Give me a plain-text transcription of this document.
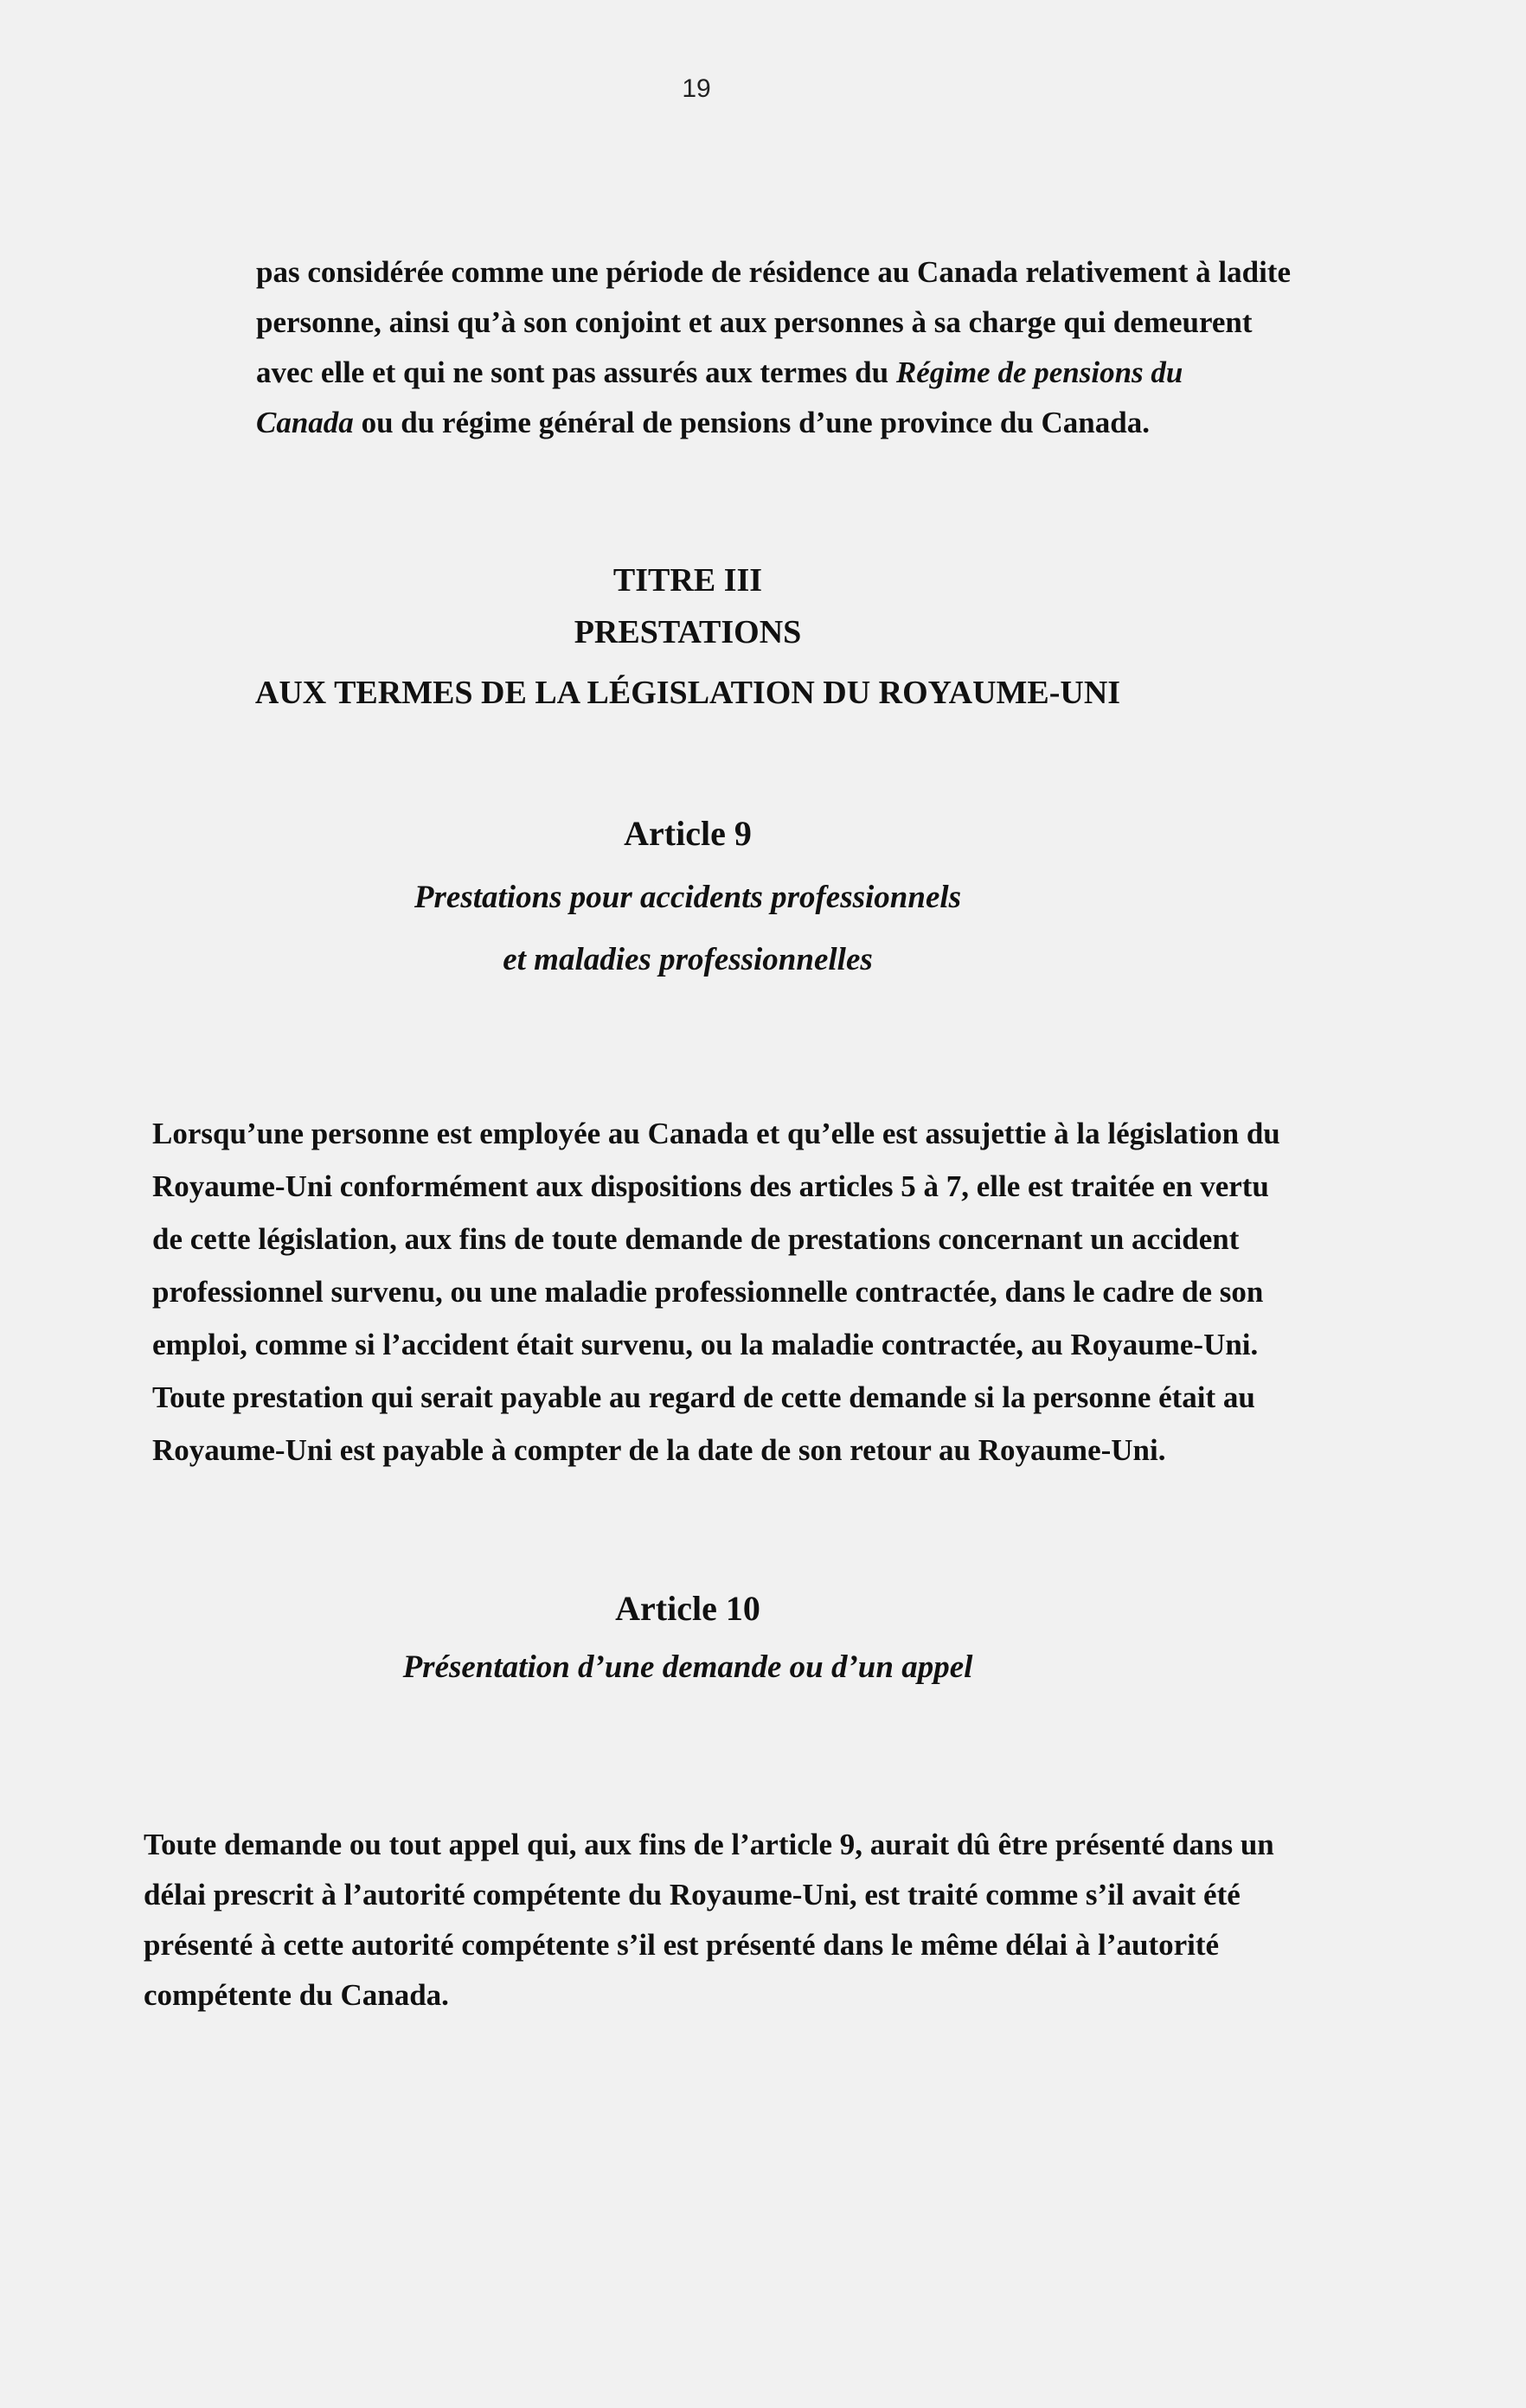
19
pas considérée comme une période de résidence au Canada relativement à ladite
personne, ainsi qu’à son conjoint et aux personnes à sa charge qui demeurent
avec elle et qui ne sont pas assurés aux termes du Régime de pensions du
Canada ou du régime général de pensions d’une province du Canada.
TITRE III
PRESTATIONS
AUX TERMES DE LA LÉGISLATION DU ROYAUME-UNI
Article 9
Prestations pour accidents professionnels
et maladies professionnelles
Lorsqu’une personne est employée au Canada et qu’elle est assujettie à la législation du
Royaume-Uni conformément aux dispositions des articles 5 à 7, elle est traitée en vertu
de cette législation, aux fins de toute demande de prestations concernant un accident
professionnel survenu, ou une maladie professionnelle contractée, dans le cadre de son
emploi, comme si l’accident était survenu, ou la maladie contractée, au Royaume-Uni.
Toute prestation qui serait payable au regard de cette demande si la personne était au
Royaume-Uni est payable à compter de la date de son retour au Royaume-Uni.
Article 10
Présentation d’une demande ou d’un appel
Toute demande ou tout appel qui, aux fins de l’article 9, aurait dû être présenté dans un
délai prescrit à l’autorité compétente du Royaume-Uni, est traité comme s’il avait été
présenté à cette autorité compétente s’il est présenté dans le même délai à l’autorité
compétente du Canada.
